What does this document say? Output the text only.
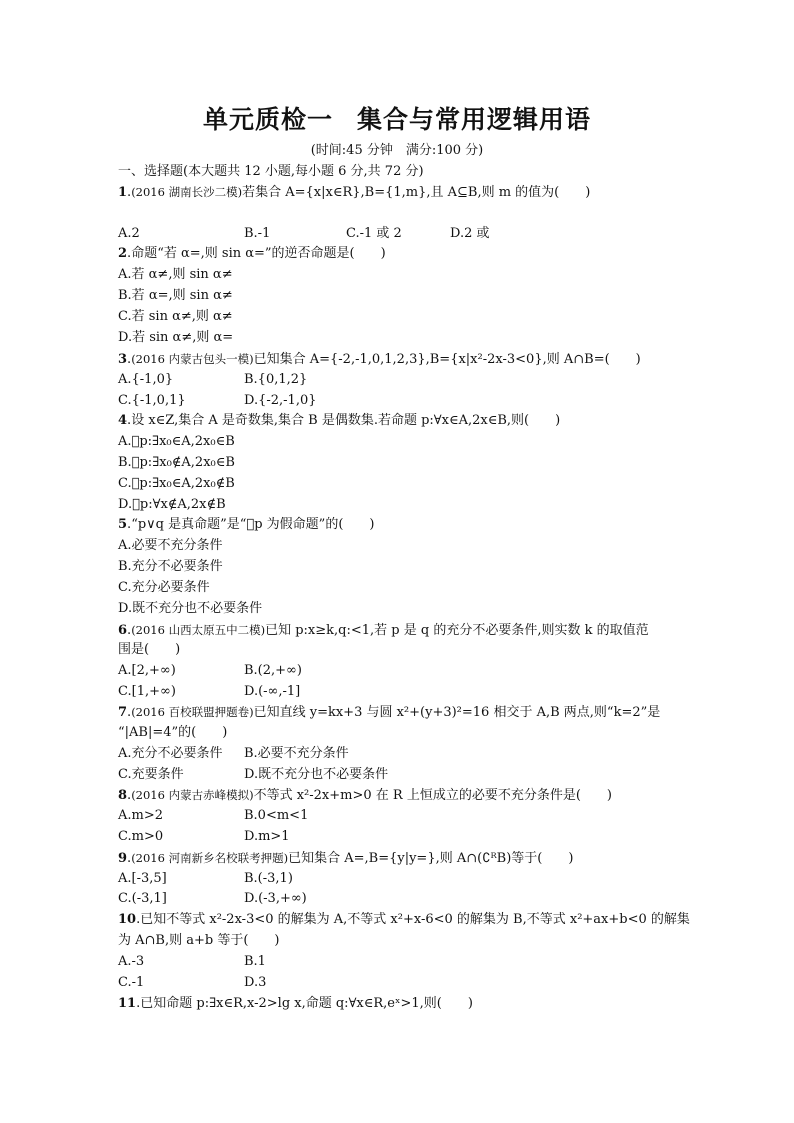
单元质检一 集合与常用逻辑用语
(时间:45 分钟　满分:100 分)
一、选择题(本大题共 12 小题,每小题 6 分,共 72 分)
1.(2016 湖南长沙二模)若集合 A={x|x∈R},B={1,m},且 A⊆B,则 m 的值为(　　)
A.2	B.-1	C.-1 或 2	D.2 或
2.命题“若 α=,则 sin α=”的逆否命题是(　　)
A.若 α≠,则 sin α≠
B.若 α=,则 sin α≠
C.若 sin α≠,则 α≠
D.若 sin α≠,则 α=
3.(2016 内蒙古包头一模)已知集合 A={-2,-1,0,1,2,3},B={x|x²-2x-3<0},则 A∩B=(　　)
A.{-1,0}	B.{0,1,2}
C.{-1,0,1}	D.{-2,-1,0}
4.设 x∈Z,集合 A 是奇数集,集合 B 是偶数集.若命题 p:∀x∈A,2x∈B,则(　　)
A.􀱑p:∃x₀∈A,2x₀∈B
B.􀱑p:∃x₀∉A,2x₀∈B
C.􀱑p:∃x₀∈A,2x₀∉B
D.􀱑p:∀x∉A,2x∉B
5.“p∨q 是真命题”是“􀱑p 为假命题”的(　　)
A.必要不充分条件
B.充分不必要条件
C.充分必要条件
D.既不充分也不必要条件
6.(2016 山西太原五中二模)已知 p:x≥k,q:<1,若 p 是 q 的充分不必要条件,则实数 k 的取值范
围是(　　)
A.[2,+∞)	B.(2,+∞)
C.[1,+∞)	D.(-∞,-1]
7.(2016 百校联盟押题卷)已知直线 y=kx+3 与圆 x²+(y+3)²=16 相交于 A,B 两点,则“k=2”是
“|AB|=4”的(　　)
A.充分不必要条件 B.必要不充分条件
C.充要条件	D.既不充分也不必要条件
8.(2016 内蒙古赤峰模拟)不等式 x²-2x+m>0 在 R 上恒成立的必要不充分条件是(　　)
A.m>2	B.0<m<1
C.m>0	D.m>1
9.(2016 河南新乡名校联考押题)已知集合 A=,B={y|y=},则 A∩(∁ᴿB)等于(　　)
A.[-3,5]	B.(-3,1)
C.(-3,1]	D.(-3,+∞)
10.已知不等式 x²-2x-3<0 的解集为 A,不等式 x²+x-6<0 的解集为 B,不等式 x²+ax+b<0 的解集
为 A∩B,则 a+b 等于(　　)
A.-3	B.1
C.-1	D.3
11.已知命题 p:∃x∈R,x-2>lg x,命题 q:∀x∈R,eˣ>1,则(　　)
